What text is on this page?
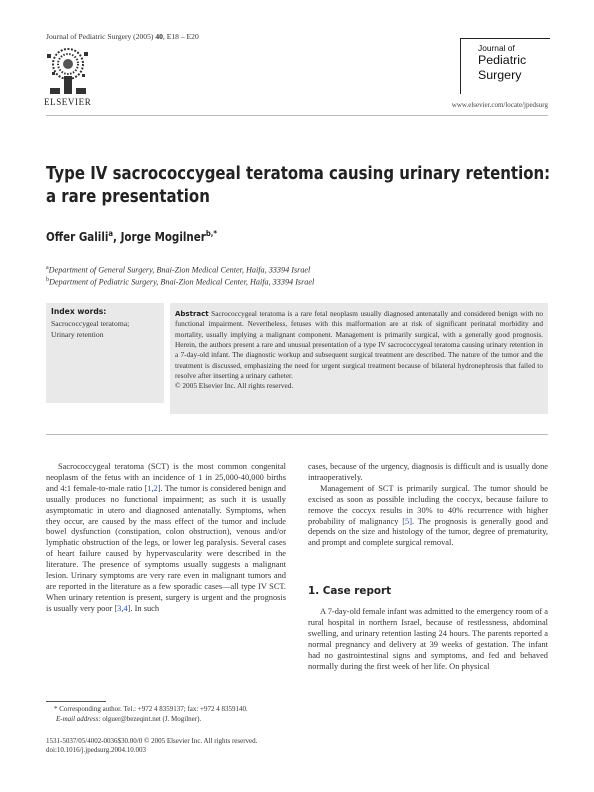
Journal of Pediatric Surgery (2005) 40, E18 – E20
ELSEVIER
Journal of
Pediatric
Surgery
www.elsevier.com/locate/jpedsurg
Type IV sacrococcygeal teratoma causing urinary retention:
a rare presentation
Offer Galili$^a$, Jorge Mogilner$^{b,*}$
$^a$Department of General Surgery, Bnai-Zion Medical Center, Haifa, 33394 Israel
$^b$Department of Pediatric Surgery, Bnai-Zion Medical Center, Haifa, 33394 Israel
Index words:
Sacrococcygeal teratoma;
Urinary retention
Abstract Sacrococcygeal teratoma is a rare fetal neoplasm usually diagnosed antenatally and considered benign with no functional impairment. Nevertheless, fetuses with this malformation are at risk of significant perinatal morbidity and mortality, usually implying a malignant component. Management is primarily surgical, with a generally good prognosis. Herein, the authors present a rare and unusual presentation of a type IV sacrococcygeal teratoma causing urinary retention in a 7-day-old infant. The diagnostic workup and subsequent surgical treatment are described. The nature of the tumor and the treatment is discussed, emphasizing the need for urgent surgical treatment because of bilateral hydronephrosis that failed to resolve after inserting a urinary catheter.
© 2005 Elsevier Inc. All rights reserved.

Sacrococcygeal teratoma (SCT) is the most common congenital neoplasm of the fetus with an incidence of 1 in 25,000-40,000 births and 4:1 female-to-male ratio [1,2]. The tumor is considered benign and usually produces no functional impairment; as such it is usually asymptomatic in utero and diagnosed antenatally. Symptoms, when they occur, are caused by the mass effect of the tumor and include bowel dysfunction (constipation, colon obstruction), venous and/or lymphatic obstruction of the legs, or lower leg paralysis. Several cases of heart failure caused by hypervascularity were described in the literature. The presence of symptoms usually suggests a malignant lesion. Urinary symptoms are very rare even in malignant tumors and are reported in the literature as a few sporadic cases—all type IV SCT. When urinary retention is present, surgery is urgent and the prognosis is usually very poor [3,4]. In such

cases, because of the urgency, diagnosis is difficult and is usually done intraoperatively.

Management of SCT is primarily surgical. The tumor should be excised as soon as possible including the coccyx, because failure to remove the coccyx results in 30% to 40% recurrence with higher probability of malignancy [5]. The prognosis is generally good and depends on the size and histology of the tumor, degree of prematurity, and prompt and complete surgical removal.

1. Case report

A 7-day-old female infant was admitted to the emergency room of a rural hospital in northern Israel, because of restlessness, abdominal swelling, and urinary retention lasting 24 hours. The parents reported a normal pregnancy and delivery at 39 weeks of gestation. The infant had no gastrointestinal signs and symptoms, and fed and behaved normally during the first week of her life. On physical

* Corresponding author. Tel.: +972 4 8359137; fax: +972 4 8359140.
E-mail address: olguer@bezeqint.net (J. Mogilner).
1531-5037/05/4002-0036$30.00/0 © 2005 Elsevier Inc. All rights reserved.
doi:10.1016/j.jpedsurg.2004.10.003
